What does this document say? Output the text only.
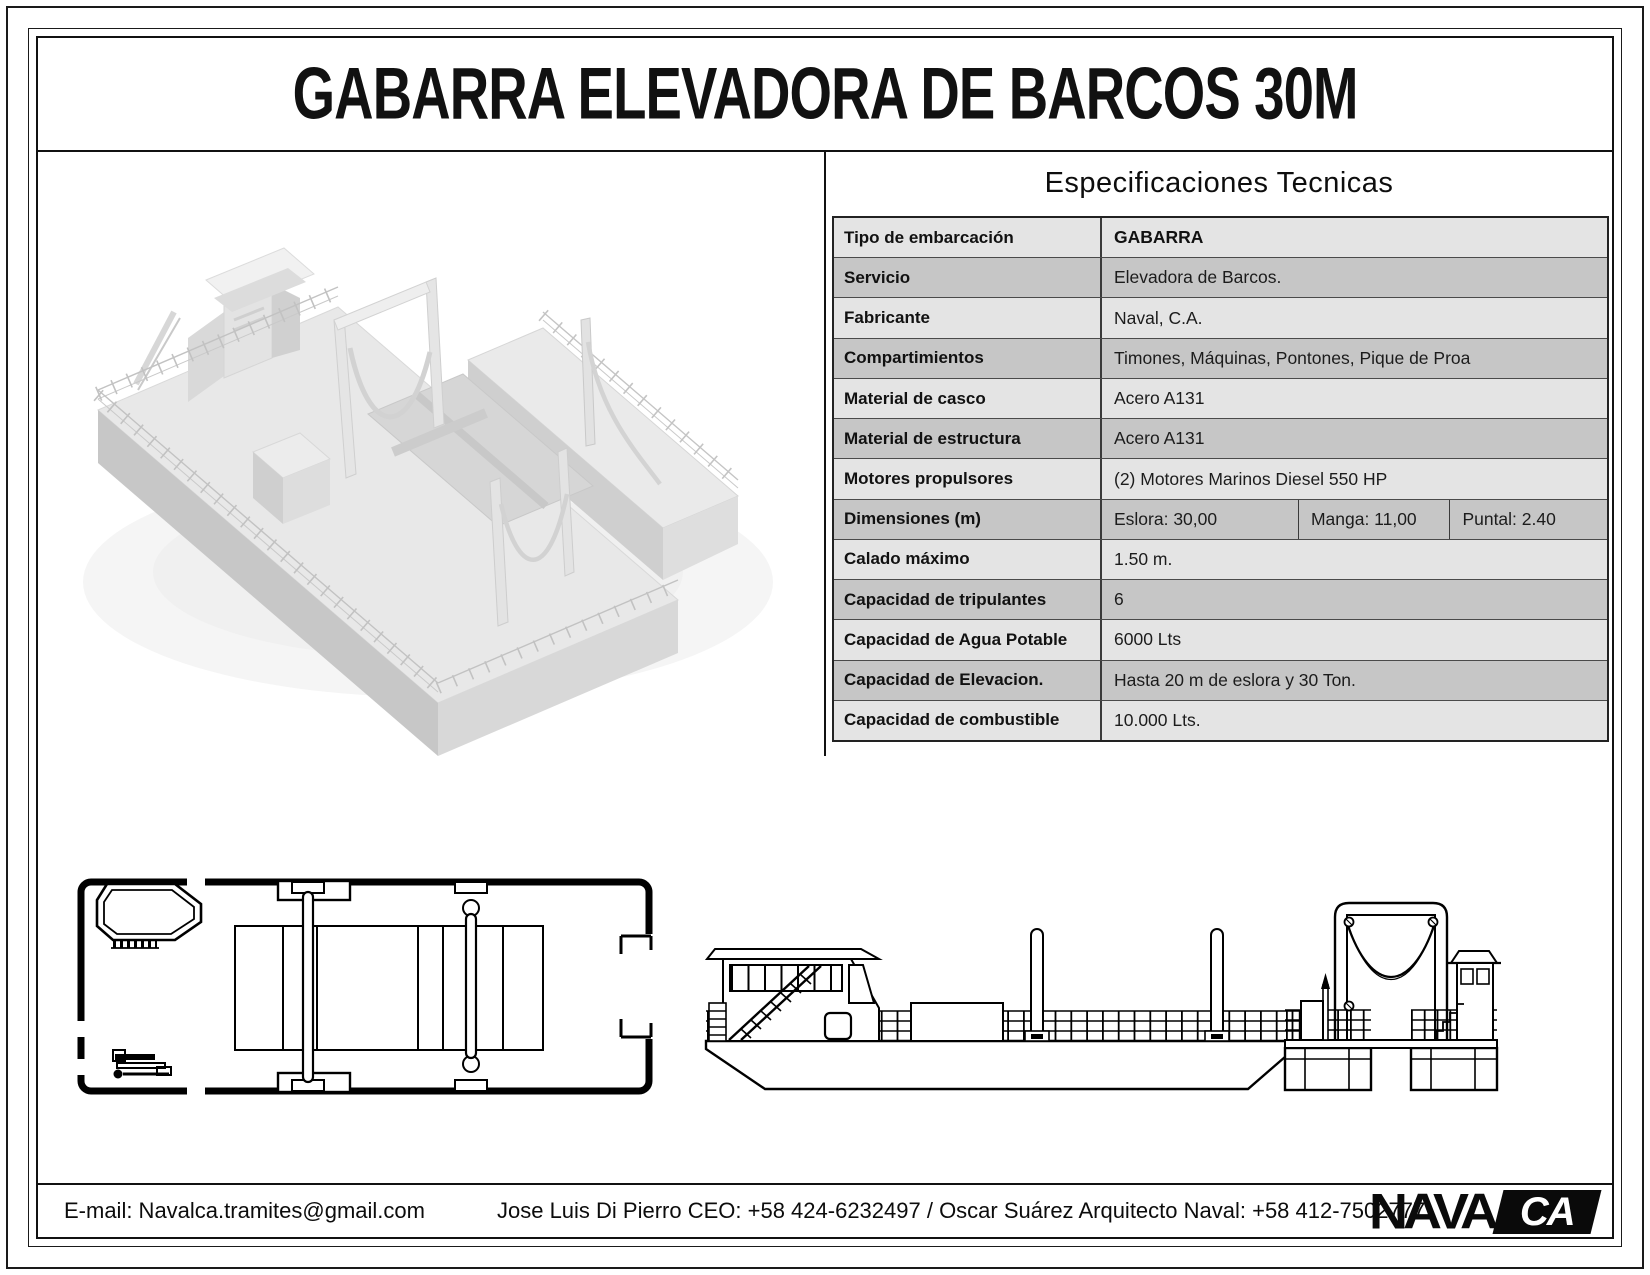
GABARRA ELEVADORA DE BARCOS 30M
Especificaciones Tecnicas
Tipo de embarcación	GABARRA
Servicio	Elevadora de Barcos.
Fabricante	Naval, C.A.
Compartimientos	Timones, Máquinas, Pontones, Pique de Proa
Material de casco	Acero A131
Material de estructura	Acero A131
Motores propulsores	(2) Motores Marinos Diesel 550 HP
Dimensiones (m)	Eslora: 30,00	Manga: 11,00	Puntal: 2.40
Calado máximo	1.50 m.
Capacidad de tripulantes	6
Capacidad de Agua Potable	6000 Lts
Capacidad de Elevacion.	Hasta 20 m de eslora y 30 Ton.
Capacidad de combustible	10.000 Lts.
E-mail: Navalca.tramites@gmail.com	Jose Luis Di Pierro CEO: +58 424-6232497 / Oscar Suárez Arquitecto Naval: +58 412-7502777
NAVA CA
